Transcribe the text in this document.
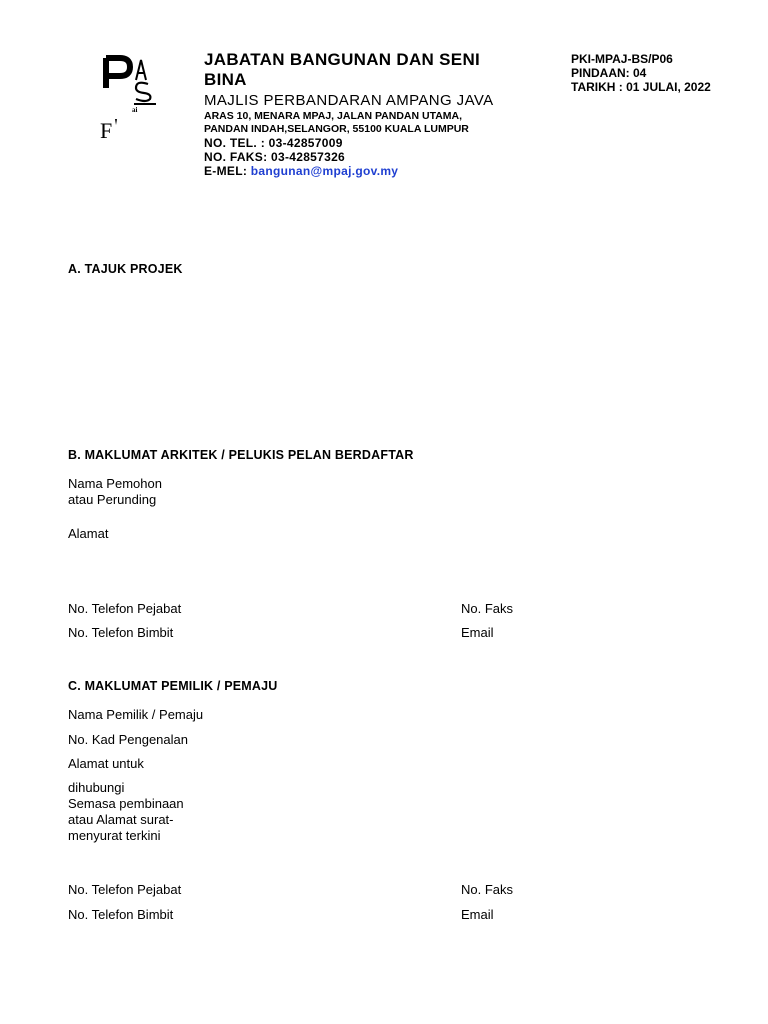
ai
F
JABATAN BANGUNAN DAN SENI
BINA
MAJLIS PERBANDARAN AMPANG JAVA
ARAS 10, MENARA MPAJ, JALAN PANDAN UTAMA,
PANDAN INDAH,SELANGOR, 55100 KUALA LUMPUR
NO. TEL. : 03-42857009
NO. FAKS: 03-42857326
E-MEL: bangunan@mpaj.gov.my
PKI-MPAJ-BS/P06
PINDAAN: 04
TARIKH : 01 JULAI, 2022
A. TAJUK PROJEK
B. MAKLUMAT ARKITEK / PELUKIS PELAN BERDAFTAR
Nama Pemohon
atau Perunding
Alamat
No. Telefon Pejabat	No. Faks
No. Telefon Bimbit	Email
C. MAKLUMAT PEMILIK / PEMAJU
Nama Pemilik / Pemaju
No. Kad Pengenalan
Alamat untuk
dihubungi
Semasa pembinaan
atau Alamat surat-
menyurat terkini
No. Telefon Pejabat	No. Faks
No. Telefon Bimbit	Email
